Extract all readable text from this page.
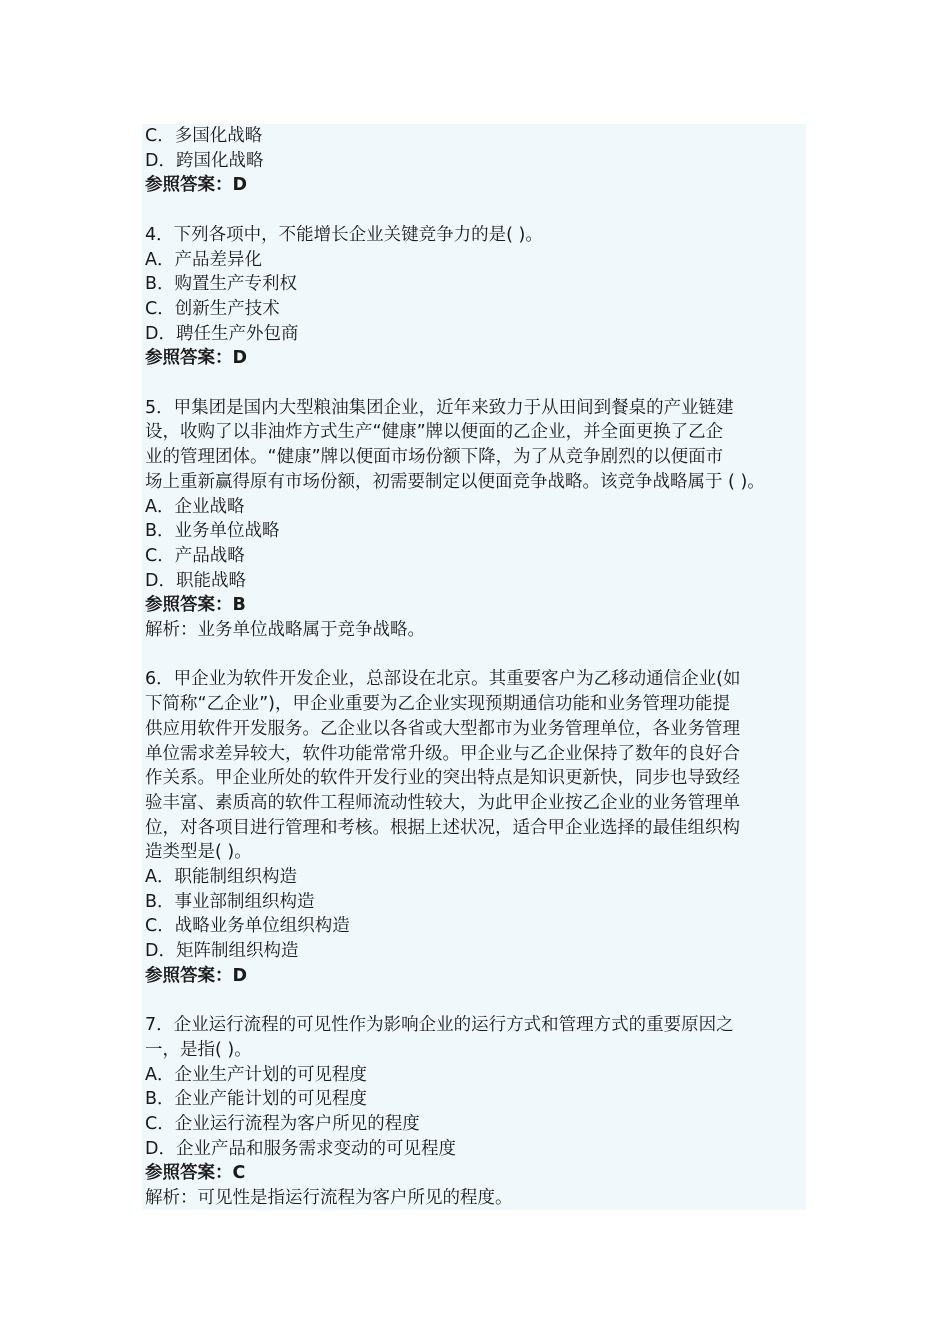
C．多国化战略
D．跨国化战略
参照答案：D
4．下列各项中，不能增长企业关键竞争力的是( )。
A．产品差异化
B．购置生产专利权
C．创新生产技术
D．聘任生产外包商
参照答案：D
5．甲集团是国内大型粮油集团企业，近年来致力于从田间到餐桌的产业链建
设，收购了以非油炸方式生产“健康”牌以便面的乙企业，并全面更换了乙企
业的管理团体。“健康”牌以便面市场份额下降，为了从竞争剧烈的以便面市
场上重新赢得原有市场份额，初需要制定以便面竞争战略。该竞争战略属于 ( )。
A．企业战略
B．业务单位战略
C．产品战略
D．职能战略
参照答案：B
解析：业务单位战略属于竞争战略。
6．甲企业为软件开发企业，总部设在北京。其重要客户为乙移动通信企业(如
下简称“乙企业”)，甲企业重要为乙企业实现预期通信功能和业务管理功能提
供应用软件开发服务。乙企业以各省或大型都市为业务管理单位，各业务管理
单位需求差异较大，软件功能常常升级。甲企业与乙企业保持了数年的良好合
作关系。甲企业所处的软件开发行业的突出特点是知识更新快，同步也导致经
验丰富、素质高的软件工程师流动性较大，为此甲企业按乙企业的业务管理单
位，对各项目进行管理和考核。根据上述状况，适合甲企业选择的最佳组织构
造类型是( )。
A．职能制组织构造
B．事业部制组织构造
C．战略业务单位组织构造
D．矩阵制组织构造
参照答案：D
7．企业运行流程的可见性作为影响企业的运行方式和管理方式的重要原因之
一，是指( )。
A．企业生产计划的可见程度
B．企业产能计划的可见程度
C．企业运行流程为客户所见的程度
D．企业产品和服务需求变动的可见程度
参照答案：C
解析：可见性是指运行流程为客户所见的程度。
